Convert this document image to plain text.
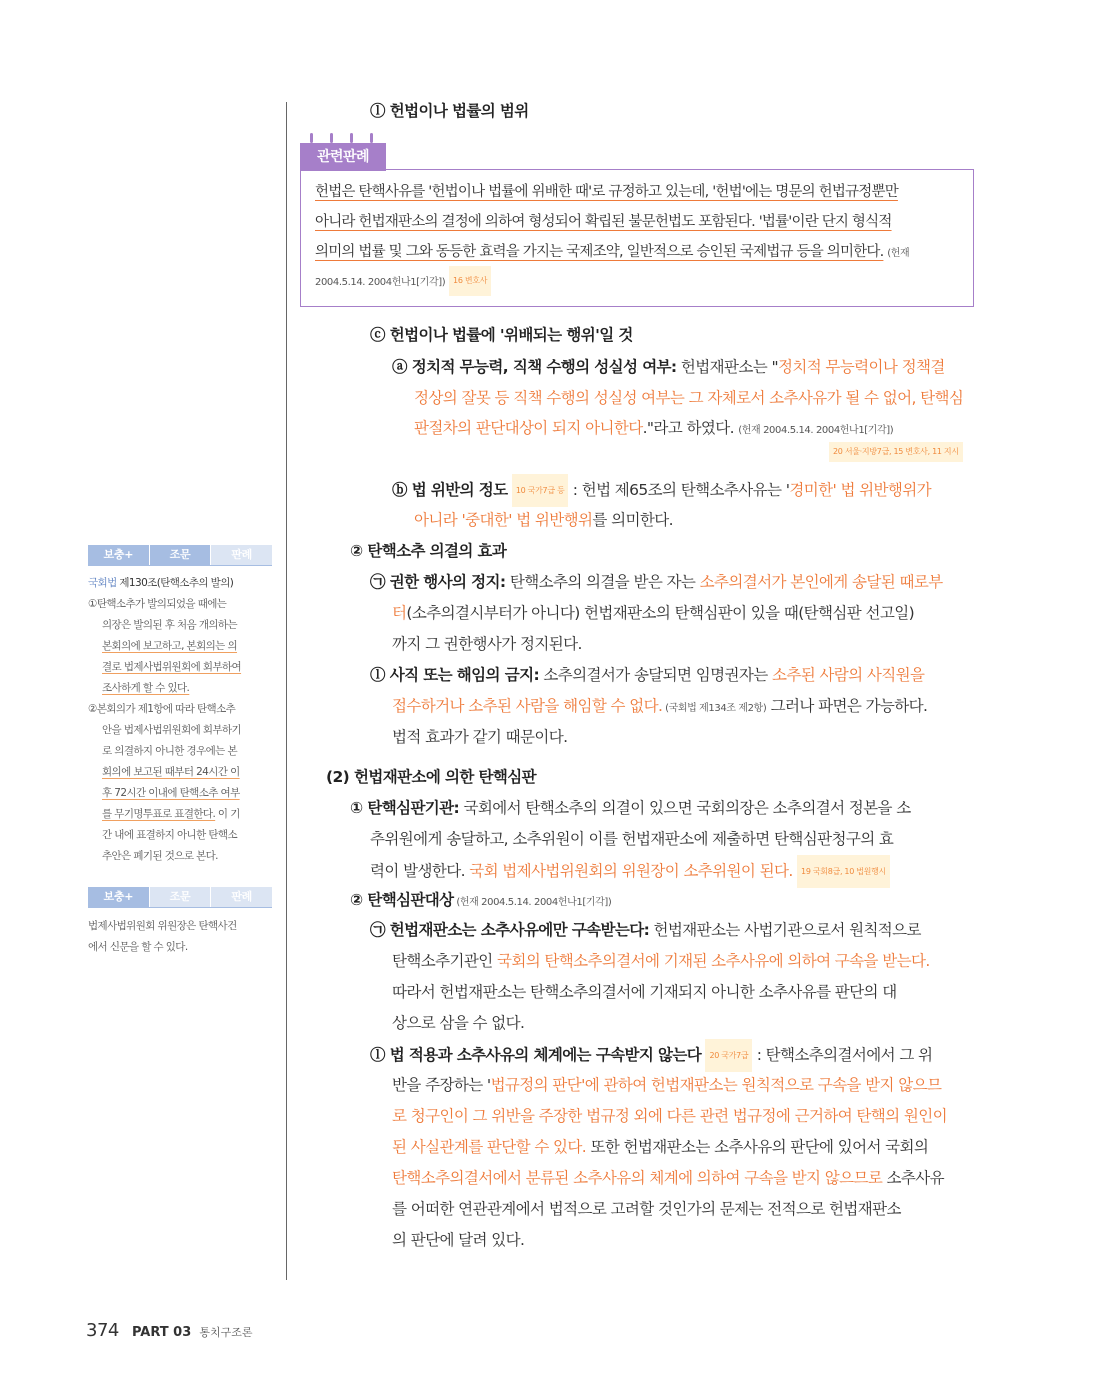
ⓛ 헌법이나 법률의 범위
관련판례
헌법은 탄핵사유를 '헌법이나 법률에 위배한 때'로 규정하고 있는데, '헌법'에는 명문의 헌법규정뿐만
아니라 헌법재판소의 결정에 의하여 형성되어 확립된 불문헌법도 포함된다. '법률'이란 단지 형식적
의미의 법률 및 그와 동등한 효력을 가지는 국제조약, 일반적으로 승인된 국제법규 등을 의미한다. (헌재
2004.5.14. 2004헌나1[기각]) 16 변호사
ⓒ 헌법이나 법률에 '위배되는 행위'일 것
ⓐ 정치적 무능력, 직책 수행의 성실성 여부: 헌법재판소는 "정치적 무능력이나 정책결
정상의 잘못 등 직책 수행의 성실성 여부는 그 자체로서 소추사유가 될 수 없어, 탄핵심
판절차의 판단대상이 되지 아니한다."라고 하였다. (헌재 2004.5.14. 2004헌나1[기각])
20 서울·지방7급, 15 변호사, 11 지시
ⓑ 법 위반의 정도 10 국가7급 등 : 헌법 제65조의 탄핵소추사유는 '경미한' 법 위반행위가
아니라 '중대한' 법 위반행위를 의미한다.
② 탄핵소추 의결의 효과
㉠ 권한 행사의 정지: 탄핵소추의 의결을 받은 자는 소추의결서가 본인에게 송달된 때로부
터(소추의결시부터가 아니다) 헌법재판소의 탄핵심판이 있을 때(탄핵심판 선고일)
까지 그 권한행사가 정지된다.
ⓛ 사직 또는 해임의 금지: 소추의결서가 송달되면 임명권자는 소추된 사람의 사직원을
접수하거나 소추된 사람을 해임할 수 없다. (국회법 제134조 제2항) 그러나 파면은 가능하다.
법적 효과가 같기 때문이다.
(2) 헌법재판소에 의한 탄핵심판
① 탄핵심판기관: 국회에서 탄핵소추의 의결이 있으면 국회의장은 소추의결서 정본을 소
추위원에게 송달하고, 소추위원이 이를 헌법재판소에 제출하면 탄핵심판청구의 효
력이 발생한다. 국회 법제사법위원회의 위원장이 소추위원이 된다. 19 국회8급, 10 법원행시
② 탄핵심판대상 (헌재 2004.5.14. 2004헌나1[기각])
㉠ 헌법재판소는 소추사유에만 구속받는다: 헌법재판소는 사법기관으로서 원칙적으로
탄핵소추기관인 국회의 탄핵소추의결서에 기재된 소추사유에 의하여 구속을 받는다.
따라서 헌법재판소는 탄핵소추의결서에 기재되지 아니한 소추사유를 판단의 대
상으로 삼을 수 없다.
ⓛ 법 적용과 소추사유의 체계에는 구속받지 않는다 20 국가7급 : 탄핵소추의결서에서 그 위
반을 주장하는 '법규정의 판단'에 관하여 헌법재판소는 원칙적으로 구속을 받지 않으므
로 청구인이 그 위반을 주장한 법규정 외에 다른 관련 법규정에 근거하여 탄핵의 원인이
된 사실관계를 판단할 수 있다. 또한 헌법재판소는 소추사유의 판단에 있어서 국회의
탄핵소추의결서에서 분류된 소추사유의 체계에 의하여 구속을 받지 않으므로 소추사유
를 어떠한 연관관계에서 법적으로 고려할 것인가의 문제는 전적으로 헌법재판소
의 판단에 달려 있다.
보충+	조문	판례
국회법 제130조(탄핵소추의 발의)
①탄핵소추가 발의되었을 때에는
의장은 발의된 후 처음 개의하는
본회의에 보고하고, 본회의는 의
결로 법제사법위원회에 회부하여
조사하게 할 수 있다.
②본회의가 제1항에 따라 탄핵소추
안을 법제사법위원회에 회부하기
로 의결하지 아니한 경우에는 본
회의에 보고된 때부터 24시간 이
후 72시간 이내에 탄핵소추 여부
를 무기명투표로 표결한다. 이 기
간 내에 표결하지 아니한 탄핵소
추안은 폐기된 것으로 본다.
보충+	조문	판례
법제사법위원회 위원장은 탄핵사건
에서 신문을 할 수 있다.
374 PART 03 통치구조론
